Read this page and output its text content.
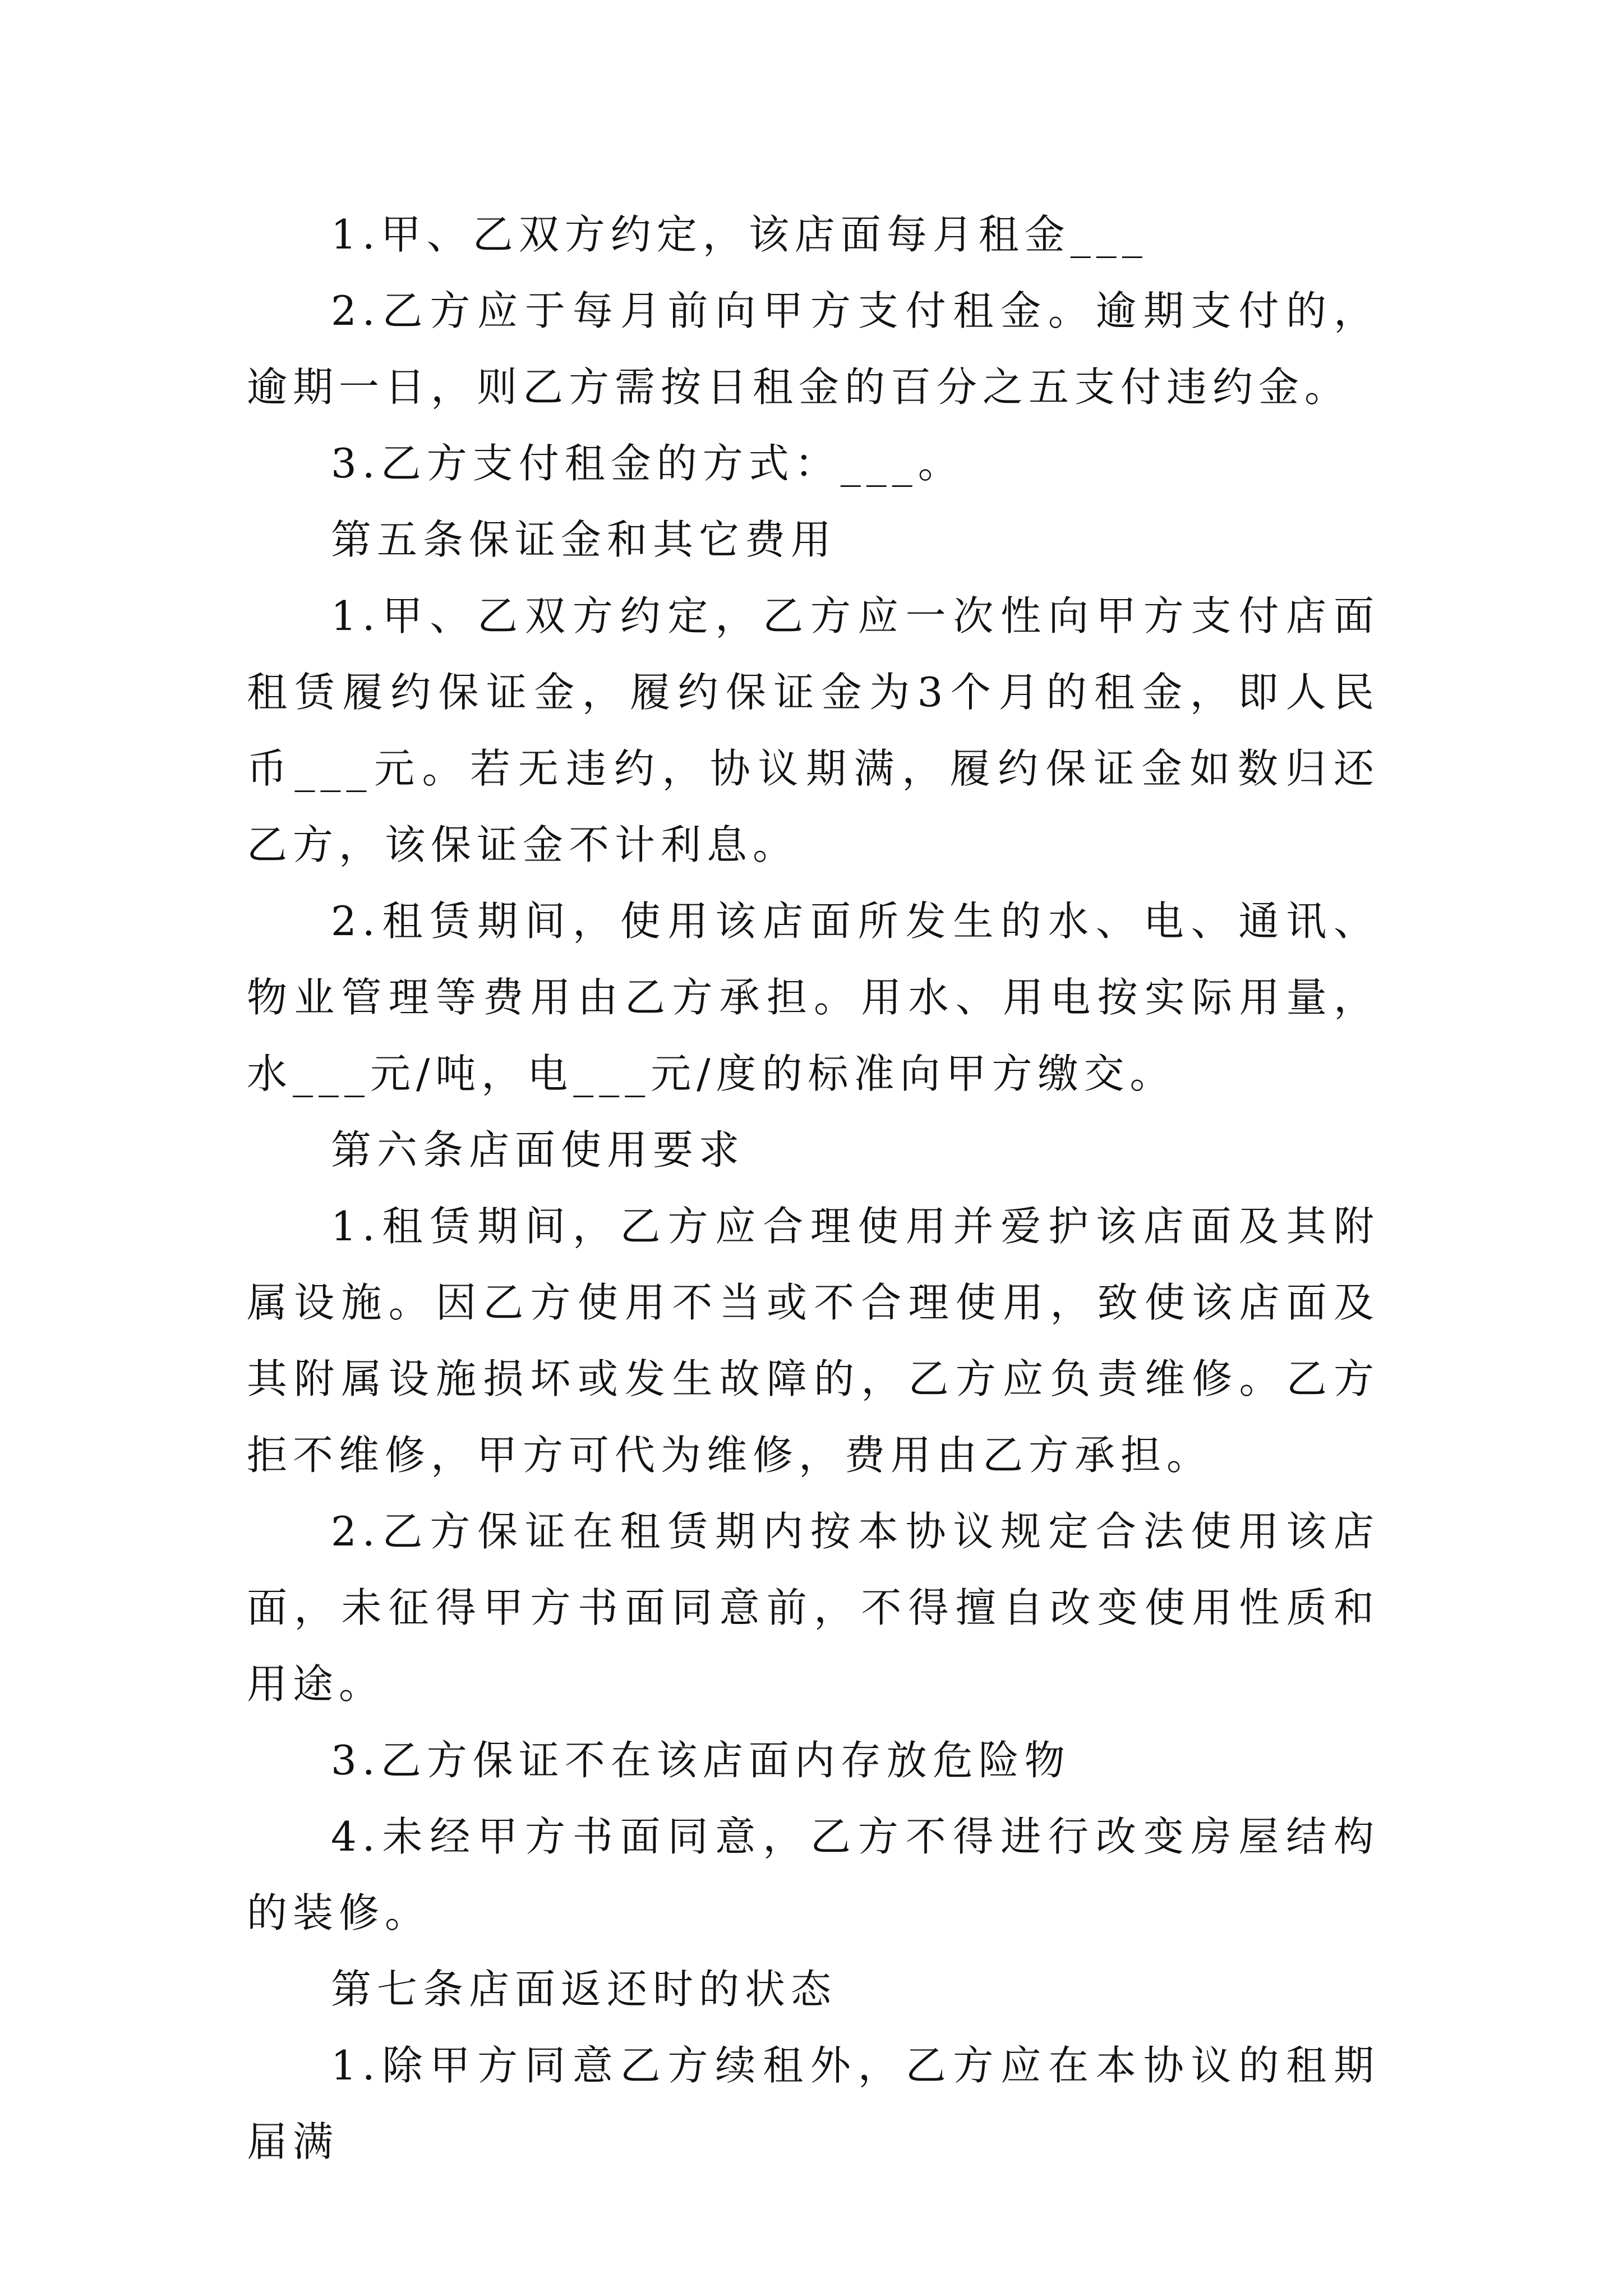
1.甲、乙双方约定，该店面每月租金___

2.乙方应于每月前向甲方支付租金。逾期支付的，逾期一日，则乙方需按日租金的百分之五支付违约金。

3.乙方支付租金的方式：___。

第五条保证金和其它费用

1.甲、乙双方约定，乙方应一次性向甲方支付店面租赁履约保证金，履约保证金为3个月的租金，即人民币___元。若无违约，协议期满，履约保证金如数归还乙方，该保证金不计利息。

2.租赁期间，使用该店面所发生的水、电、通讯、物业管理等费用由乙方承担。用水、用电按实际用量，水___元/吨，电___元/度的标准向甲方缴交。

第六条店面使用要求

1.租赁期间，乙方应合理使用并爱护该店面及其附属设施。因乙方使用不当或不合理使用，致使该店面及其附属设施损坏或发生故障的，乙方应负责维修。乙方拒不维修，甲方可代为维修，费用由乙方承担。

2.乙方保证在租赁期内按本协议规定合法使用该店面，未征得甲方书面同意前，不得擅自改变使用性质和用途。

3.乙方保证不在该店面内存放危险物

4.未经甲方书面同意，乙方不得进行改变房屋结构的装修。

第七条店面返还时的状态

1.除甲方同意乙方续租外，乙方应在本协议的租期届满
